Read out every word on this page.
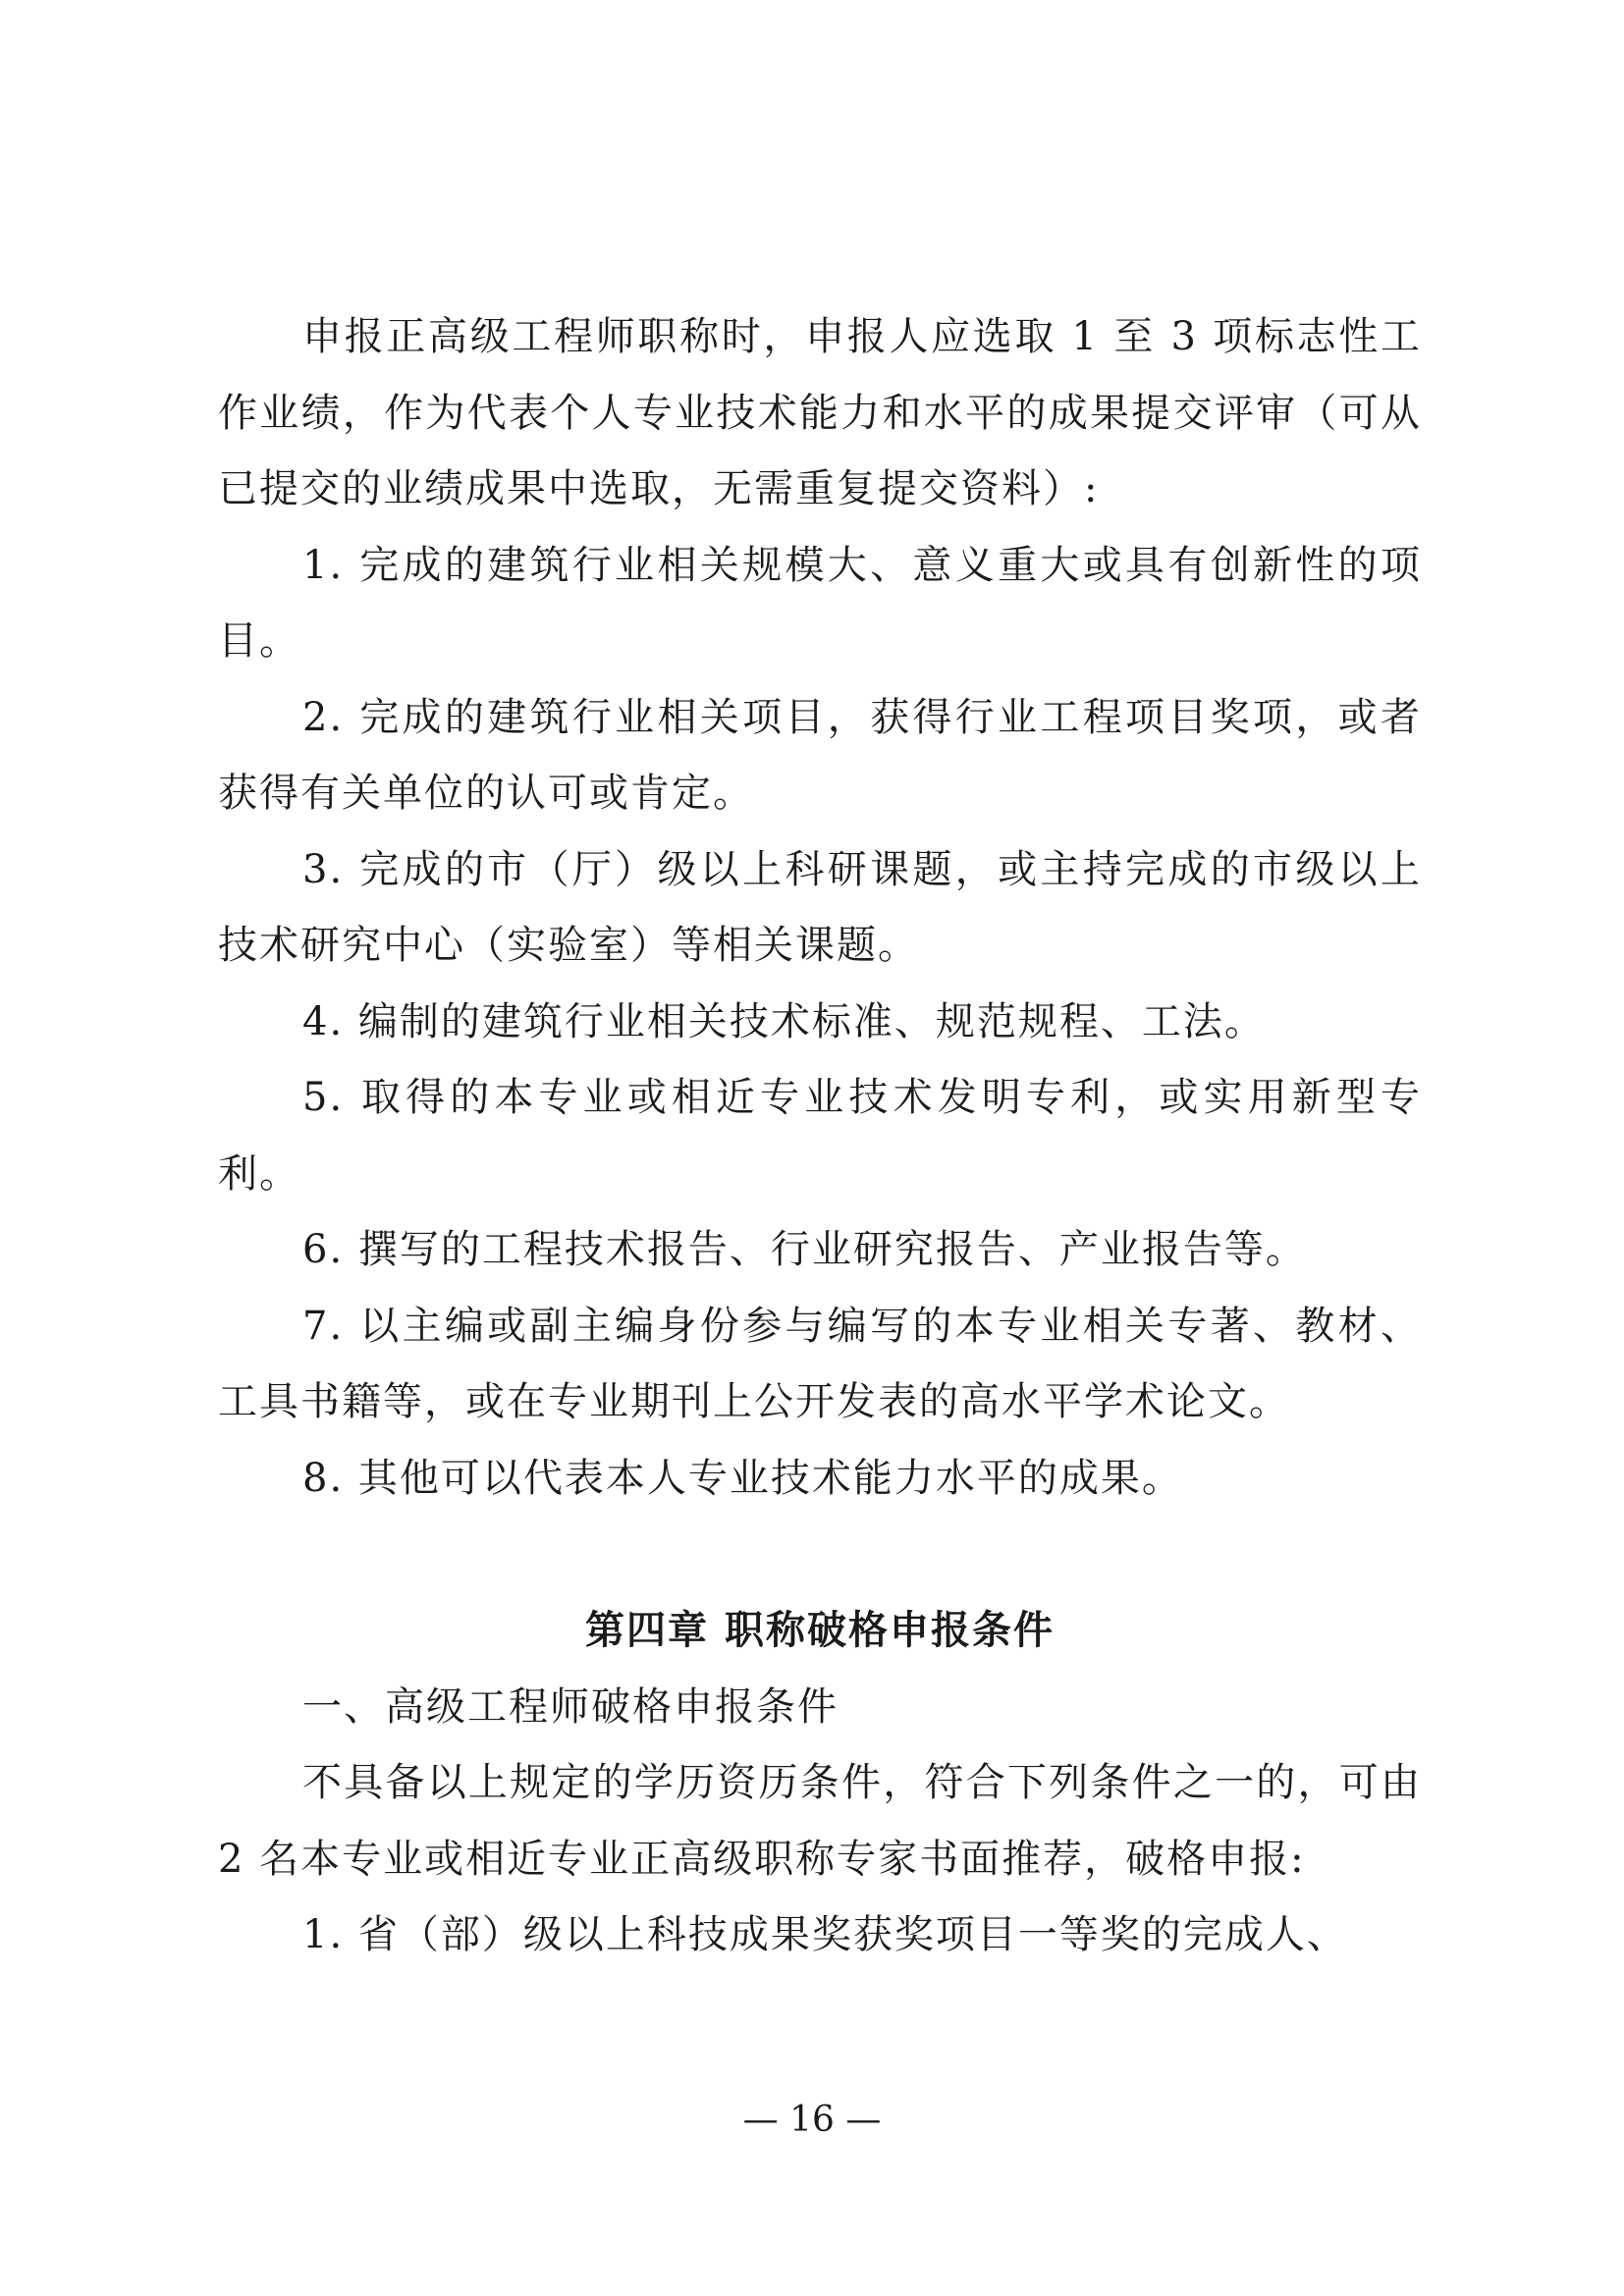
申报正高级工程师职称时，申报人应选取 1 至 3 项标志性工作业绩，作为代表个人专业技术能力和水平的成果提交评审（可从已提交的业绩成果中选取，无需重复提交资料）:

1. 完成的建筑行业相关规模大、意义重大或具有创新性的项目。

2. 完成的建筑行业相关项目，获得行业工程项目奖项，或者获得有关单位的认可或肯定。

3. 完成的市（厅）级以上科研课题，或主持完成的市级以上技术研究中心（实验室）等相关课题。

4. 编制的建筑行业相关技术标准、规范规程、工法。

5. 取得的本专业或相近专业技术发明专利，或实用新型专利。

6. 撰写的工程技术报告、行业研究报告、产业报告等。

7. 以主编或副主编身份参与编写的本专业相关专著、教材、工具书籍等，或在专业期刊上公开发表的高水平学术论文。

8. 其他可以代表本人专业技术能力水平的成果。

第四章 职称破格申报条件

一、高级工程师破格申报条件

不具备以上规定的学历资历条件，符合下列条件之一的，可由 2 名本专业或相近专业正高级职称专家书面推荐，破格申报:

1. 省（部）级以上科技成果奖获奖项目一等奖的完成人、

— 16 —
